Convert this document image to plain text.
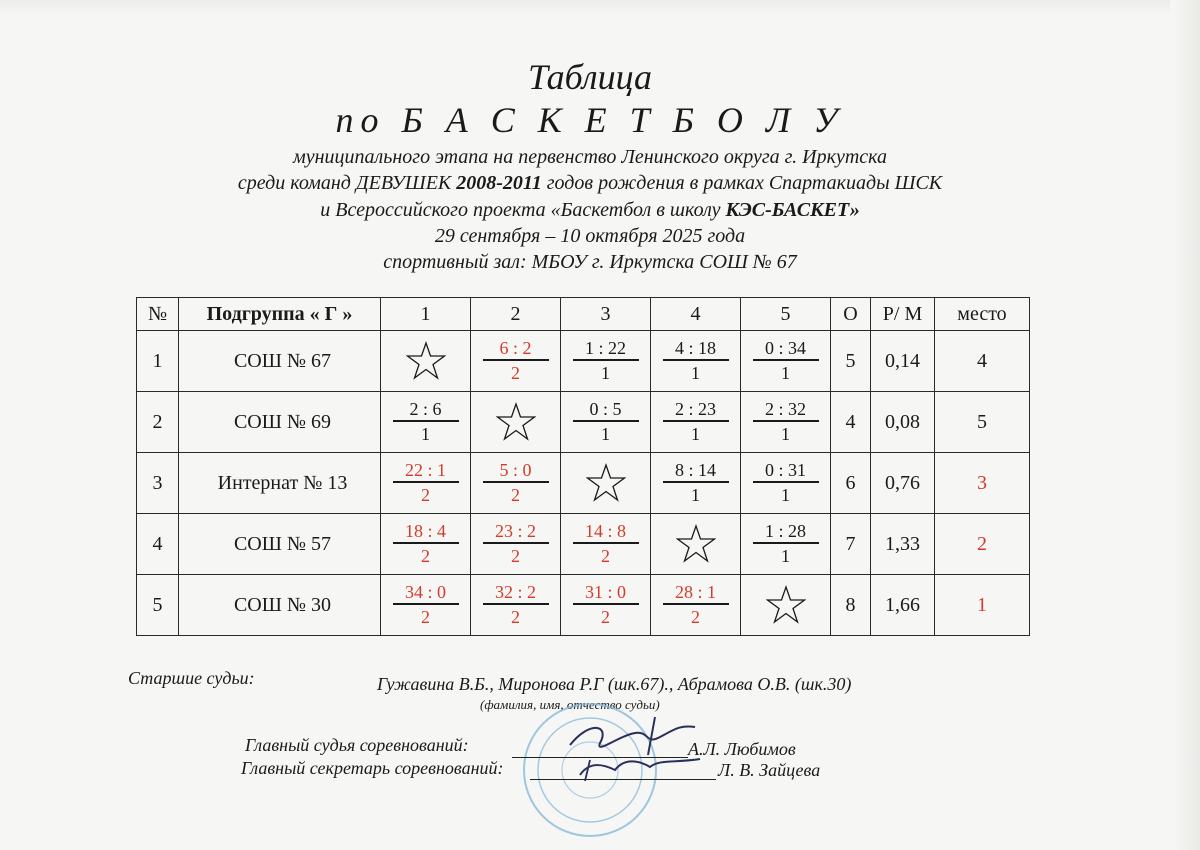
Таблица
по Б А С К Е Т Б О Л У
муниципального этапа на первенство Ленинского округа г. Иркутска
среди команд ДЕВУШЕК 2008-2011 годов рождения в рамках Спартакиады ШСК
и Всероссийского проекта «Баскетбол в школу КЭС-БАСКЕТ»
29 сентября – 10 октября 2025 года
спортивный зал: МБОУ г. Иркутска СОШ № 67
№	Подгруппа « Г »	1	2	3	4	5	О	Р/ М	место
1	СОШ № 67		$\frac{6 : 2}{2}$	$\frac{1 : 22}{1}$	$\frac{4 : 18}{1}$	$\frac{0 : 34}{1}$	5	0,14	4
2	СОШ № 69	$\frac{2 : 6}{1}$		$\frac{0 : 5}{1}$	$\frac{2 : 23}{1}$	$\frac{2 : 32}{1}$	4	0,08	5
3	Интернат № 13	$\frac{22 : 1}{2}$	$\frac{5 : 0}{2}$		$\frac{8 : 14}{1}$	$\frac{0 : 31}{1}$	6	0,76	3
4	СОШ № 57	$\frac{18 : 4}{2}$	$\frac{23 : 2}{2}$	$\frac{14 : 8}{2}$		$\frac{1 : 28}{1}$	7	1,33	2
5	СОШ № 30	$\frac{34 : 0}{2}$	$\frac{32 : 2}{2}$	$\frac{31 : 0}{2}$	$\frac{28 : 1}{2}$		8	1,66	1
Старшие судьи:	Гужавина В.Б., Миронова Р.Г (шк.67)., Абрамова О.В. (шк.30)
(фамилия, имя, отчество судьи)
Главный судья соревнований:	А.Л. Любимов
Главный секретарь соревнований:	Л. В. Зайцева
